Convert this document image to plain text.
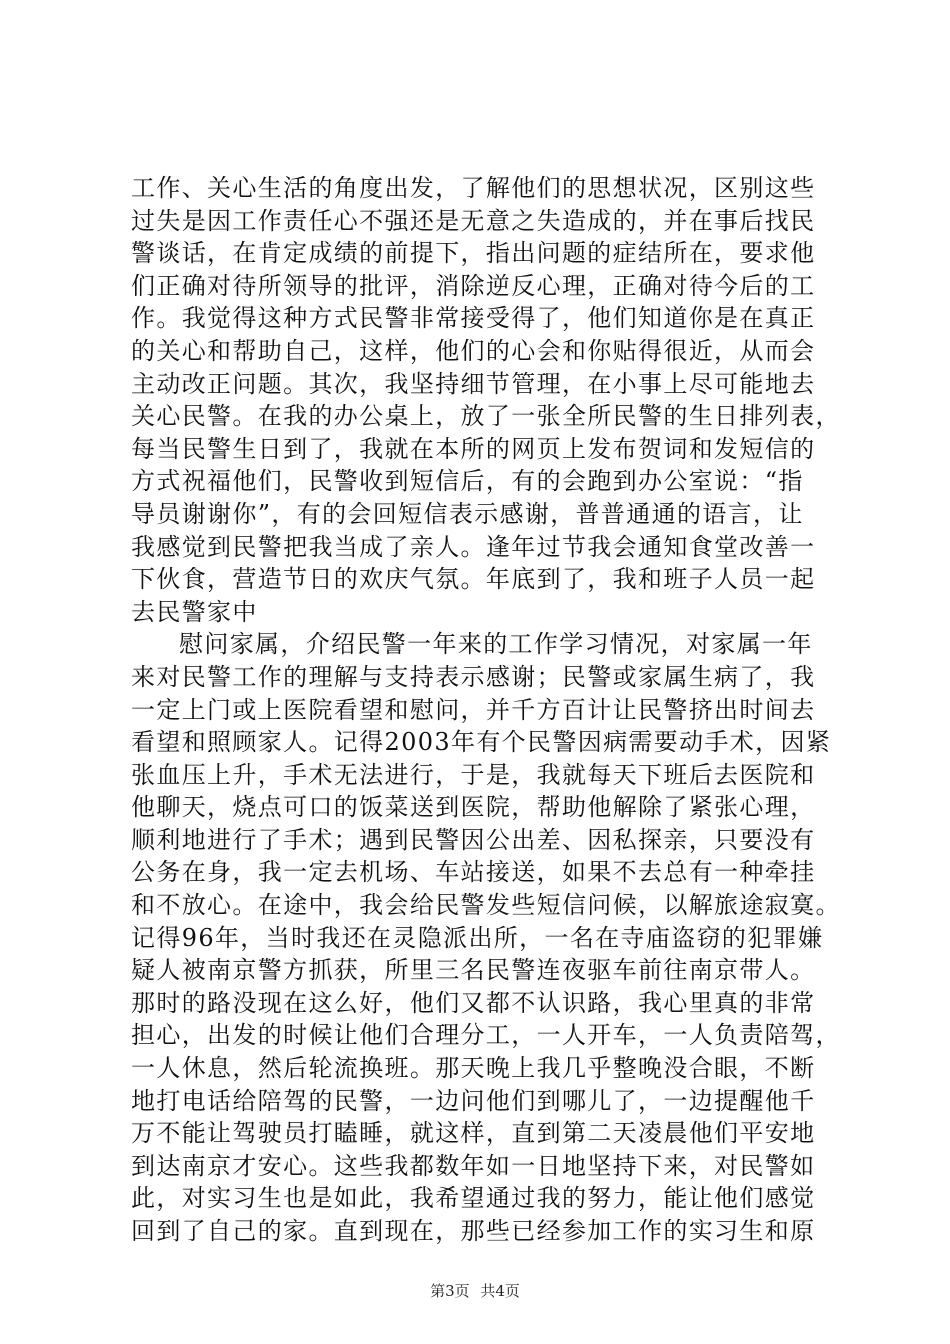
工作、关心生活的角度出发，了解他们的思想状况，区别这些
过失是因工作责任心不强还是无意之失造成的，并在事后找民
警谈话，在肯定成绩的前提下，指出问题的症结所在，要求他
们正确对待所领导的批评，消除逆反心理，正确对待今后的工
作。我觉得这种方式民警非常接受得了，他们知道你是在真正
的关心和帮助自己，这样，他们的心会和你贴得很近，从而会
主动改正问题。其次，我坚持细节管理，在小事上尽可能地去
关心民警。在我的办公桌上，放了一张全所民警的生日排列表，
每当民警生日到了，我就在本所的网页上发布贺词和发短信的
方式祝福他们，民警收到短信后，有的会跑到办公室说：“指
导员谢谢你”，有的会回短信表示感谢，普普通通的语言，让
我感觉到民警把我当成了亲人。逢年过节我会通知食堂改善一
下伙食，营造节日的欢庆气氛。年底到了，我和班子人员一起
去民警家中
慰问家属，介绍民警一年来的工作学习情况，对家属一年
来对民警工作的理解与支持表示感谢；民警或家属生病了，我
一定上门或上医院看望和慰问，并千方百计让民警挤出时间去
看望和照顾家人。记得2003年有个民警因病需要动手术，因紧
张血压上升，手术无法进行，于是，我就每天下班后去医院和
他聊天，烧点可口的饭菜送到医院，帮助他解除了紧张心理，
顺利地进行了手术；遇到民警因公出差、因私探亲，只要没有
公务在身，我一定去机场、车站接送，如果不去总有一种牵挂
和不放心。在途中，我会给民警发些短信问候，以解旅途寂寞。
记得96年，当时我还在灵隐派出所，一名在寺庙盗窃的犯罪嫌
疑人被南京警方抓获，所里三名民警连夜驱车前往南京带人。
那时的路没现在这么好，他们又都不认识路，我心里真的非常
担心，出发的时候让他们合理分工，一人开车，一人负责陪驾，
一人休息，然后轮流换班。那天晚上我几乎整晚没合眼，不断
地打电话给陪驾的民警，一边问他们到哪儿了，一边提醒他千
万不能让驾驶员打瞌睡，就这样，直到第二天凌晨他们平安地
到达南京才安心。这些我都数年如一日地坚持下来，对民警如
此，对实习生也是如此，我希望通过我的努力，能让他们感觉
回到了自己的家。直到现在，那些已经参加工作的实习生和原
第3页 共4页
